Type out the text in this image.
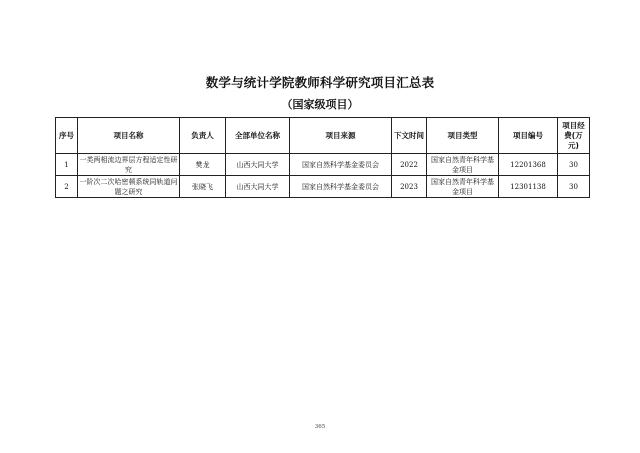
数学与统计学院教师科学研究项目汇总表
（国家级项目）
序号	项目名称	负责人	全部单位名称	项目来源	下文时间	项目类型	项目编号	项目经费(万元)
1	一类两相流边界层方程适定性研究	樊龙	山西大同大学	国家自然科学基金委员会	2022	国家自然青年科学基金项目	12201368	30
2	一阶次二次哈密顿系统同轨道问题之研究	张晓飞	山西大同大学	国家自然科学基金委员会	2023	国家自然青年科学基金项目	12301138	30
365
